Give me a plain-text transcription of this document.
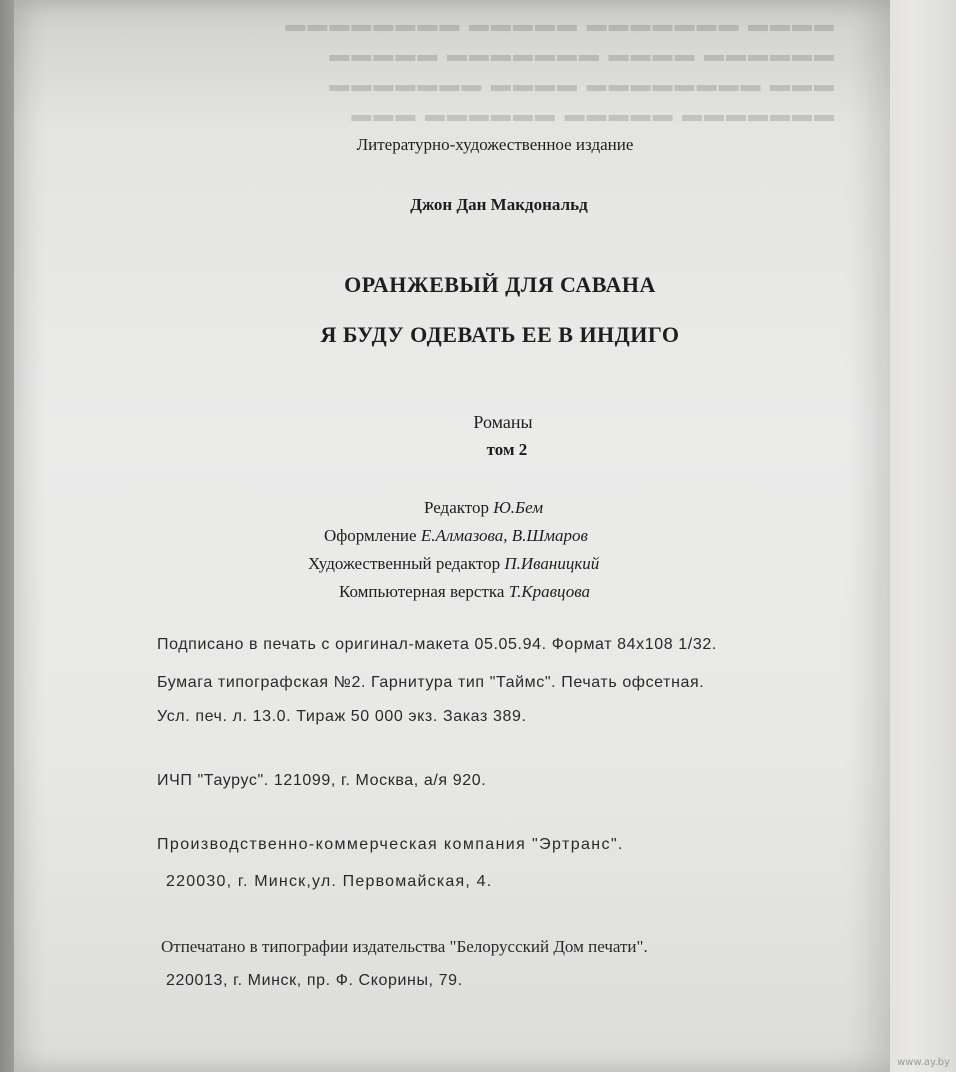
▬▬▬▬ ▬▬▬▬▬▬▬ ▬▬▬▬▬ ▬▬▬▬▬▬▬▬
▬▬▬▬▬▬ ▬▬▬▬ ▬▬▬▬▬▬▬ ▬▬▬▬▬
▬▬▬ ▬▬▬▬▬▬▬▬ ▬▬▬▬ ▬▬▬▬▬▬▬
▬▬▬▬▬▬▬ ▬▬▬▬▬ ▬▬▬▬▬▬ ▬▬▬
Литературно-художественное издание
Джон Дан Макдональд
ОРАНЖЕВЫЙ ДЛЯ САВАНА
Я БУДУ ОДЕВАТЬ ЕЕ В ИНДИГО
Романы
том 2
Редактор Ю.Бем
Оформление Е.Алмазова, В.Шмаров
Художественный редактор П.Иваницкий
Компьютерная верстка Т.Кравцова
Подписано в печать с оригинал-макета 05.05.94. Формат 84х108 1/32.
Бумага типографская №2. Гарнитура тип "Таймс". Печать офсетная.
Усл. печ. л. 13.0. Тираж 50 000 экз. Заказ 389.
ИЧП "Таурус". 121099, г. Москва, а/я 920.
Производственно-коммерческая компания "Эртранс".
220030, г. Минск,ул. Первомайская, 4.
Отпечатано в типографии издательства "Белорусский Дом печати".
220013, г. Минск, пр. Ф. Скорины, 79.
www.ay.by
